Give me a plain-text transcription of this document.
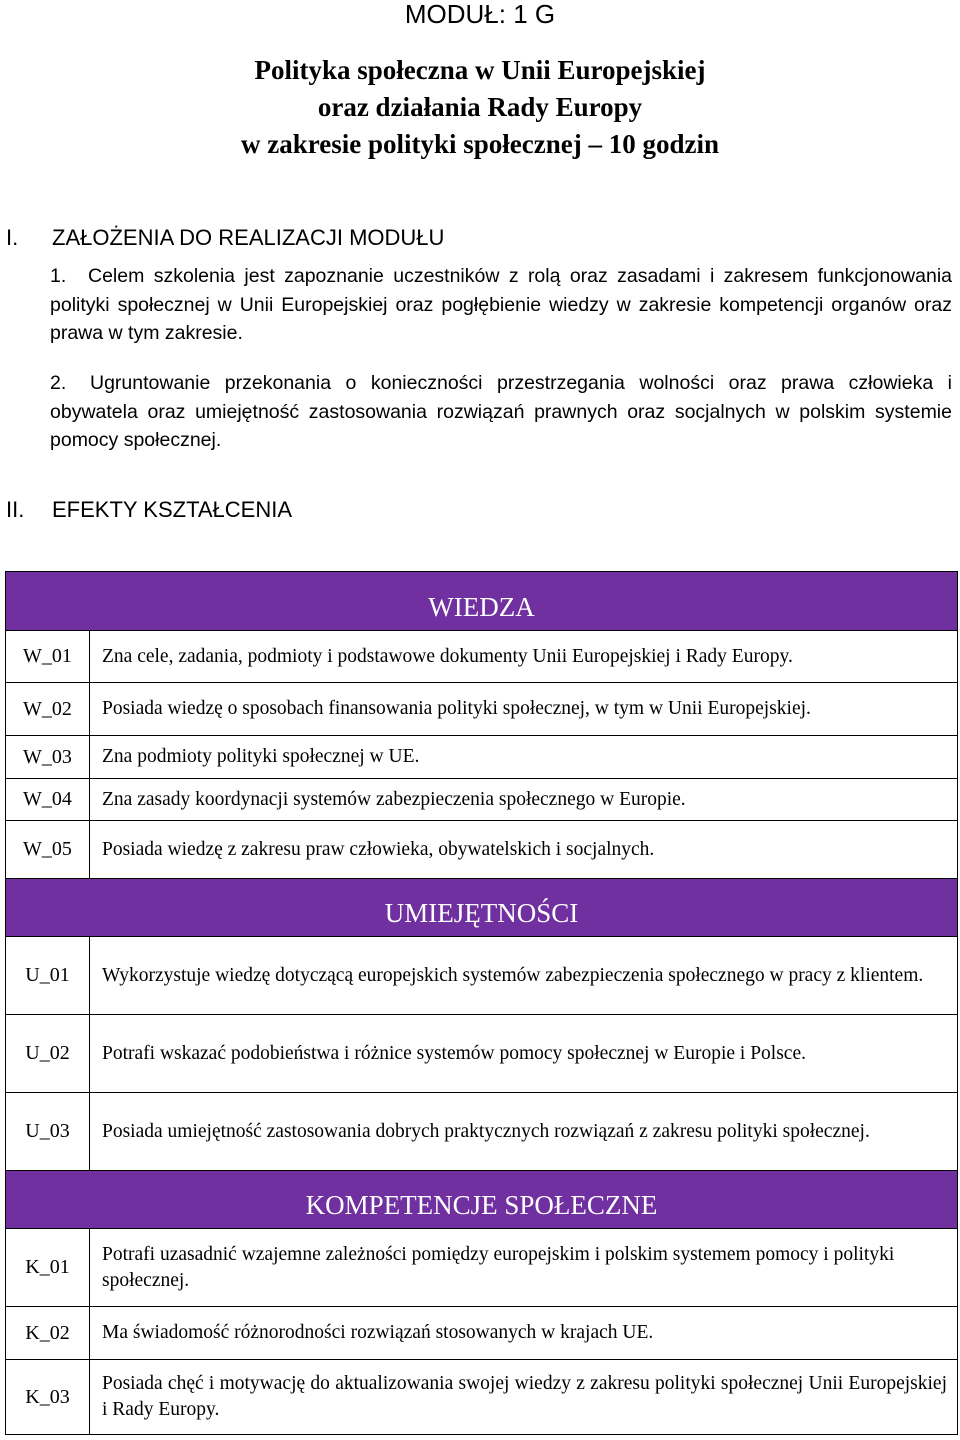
MODUŁ: 1 G
Polityka społeczna w Unii Europejskiej
oraz działania Rady Europy
w zakresie polityki społecznej – 10 godzin
I. ZAŁOŻENIA DO REALIZACJI MODUŁU
1.	Celem szkolenia jest zapoznanie uczestników z rolą oraz zasadami i zakresem funkcjonowania polityki społecznej w Unii Europejskiej oraz pogłębienie wiedzy w zakresie kompetencji organów oraz prawa w tym zakresie.
2.	Ugruntowanie przekonania o konieczności przestrzegania wolności oraz prawa człowieka i obywatela oraz umiejętność zastosowania rozwiązań prawnych oraz socjalnych w polskim systemie pomocy społecznej.
II. EFEKTY KSZTAŁCENIA
WIEDZA	
W_01	Zna cele, zadania, podmioty i podstawowe dokumenty Unii Europejskiej i Rady Europy.
W_02	Posiada wiedzę o sposobach finansowania polityki społecznej, w tym w Unii Europejskiej.
W_03	Zna podmioty polityki społecznej w UE.
W_04	Zna zasady koordynacji systemów zabezpieczenia społecznego w Europie.
W_05	Posiada wiedzę z zakresu praw człowieka, obywatelskich i socjalnych.
UMIEJĘTNOŚCI	
U_01	Wykorzystuje wiedzę dotyczącą europejskich systemów zabezpieczenia społecznego w pracy z klientem.
U_02	Potrafi wskazać podobieństwa i różnice systemów pomocy społecznej w Europie i Polsce.
U_03	Posiada umiejętność zastosowania dobrych praktycznych rozwiązań z zakresu polityki społecznej.
KOMPETENCJE SPOŁECZNE	
K_01	Potrafi uzasadnić wzajemne zależności pomiędzy europejskim i polskim systemem pomocy i polityki społecznej.
K_02	Ma świadomość różnorodności rozwiązań stosowanych w krajach UE.
K_03	Posiada chęć i motywację do aktualizowania swojej wiedzy z zakresu polityki społecznej Unii Europejskiej i Rady Europy.
